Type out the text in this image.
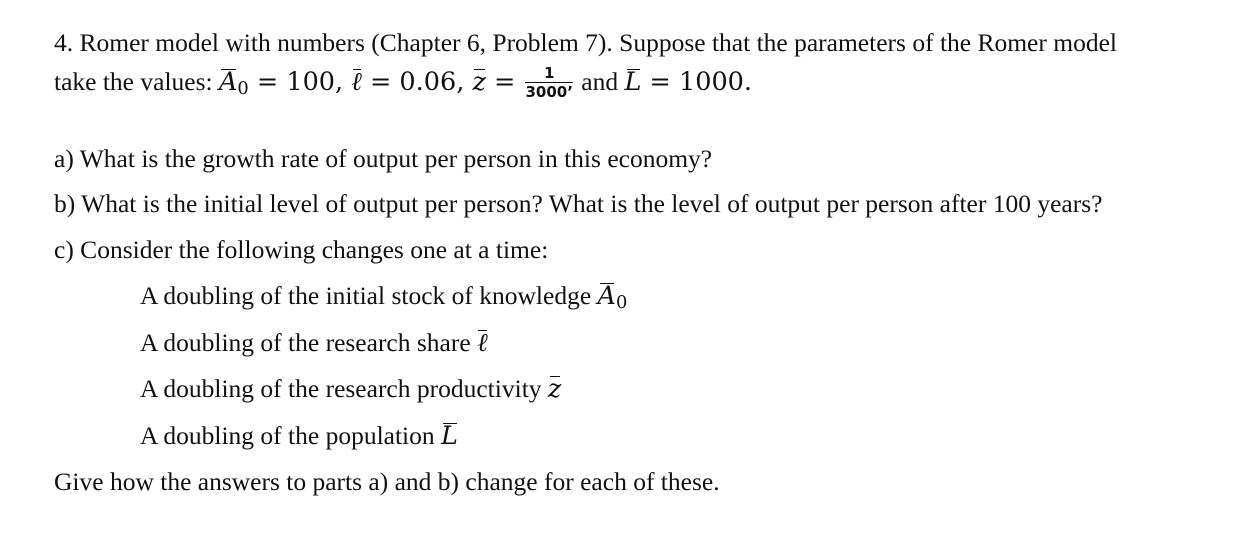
4. Romer model with numbers (Chapter 6, Problem 7). Suppose that the parameters of the Romer model
take the values: $A_0 = 100$, ℓ = 0.06, $z = \frac{1}{3000’}$ and L = 1000.
a) What is the growth rate of output per person in this economy?
b) What is the initial level of output per person? What is the level of output per person after 100 years?
c) Consider the following changes one at a time:
A doubling of the initial stock of knowledge $A_0$
A doubling of the research share ℓ
A doubling of the research productivity z
A doubling of the population L
Give how the answers to parts a) and b) change for each of these.
